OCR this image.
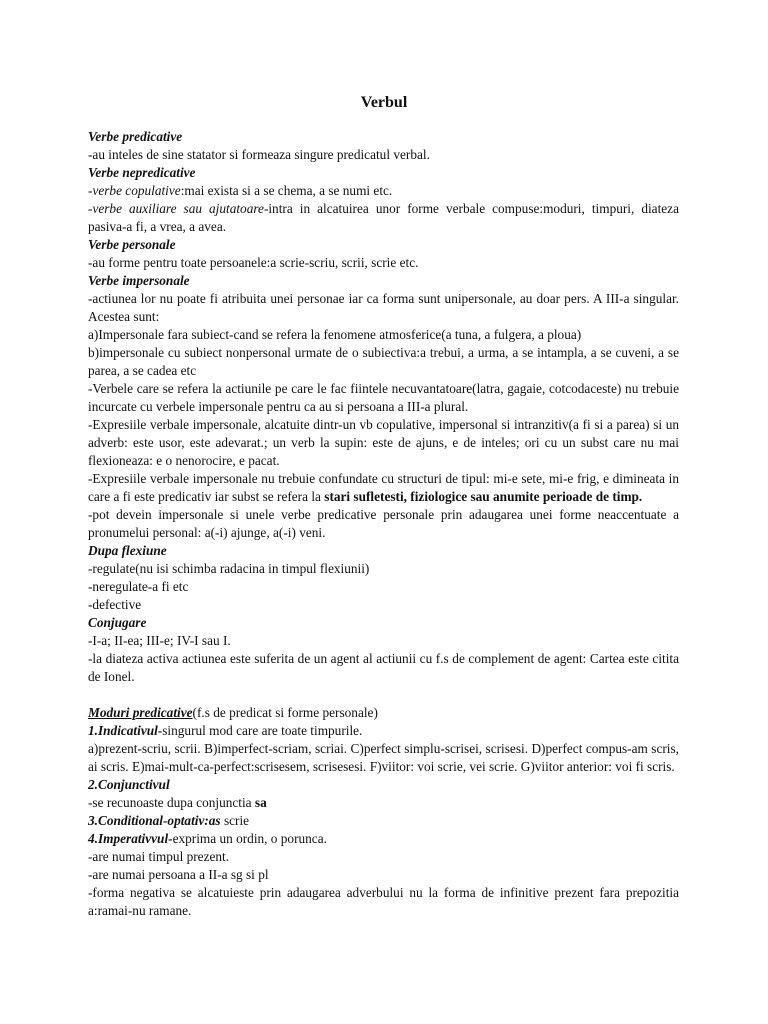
Verbul

Verbe predicative

-au inteles de sine statator si formeaza singure predicatul verbal.

Verbe nepredicative

-verbe copulative:mai exista si a se chema, a se numi etc.

-verbe auxiliare sau ajutatoare-intra in alcatuirea unor forme verbale compuse:moduri, timpuri, diateza pasiva-a fi, a vrea, a avea.

Verbe personale

-au forme pentru toate persoanele:a scrie-scriu, scrii, scrie etc.

Verbe impersonale

-actiunea lor nu poate fi atribuita unei personae iar ca forma sunt unipersonale, au doar pers. A III-a singular. Acestea sunt:

a)Impersonale fara subiect-cand se refera la fenomene atmosferice(a tuna, a fulgera, a ploua)

b)impersonale cu subiect nonpersonal urmate de o subiectiva:a trebui, a urma, a se intampla, a se cuveni, a se parea, a se cadea etc

-Verbele care se refera la actiunile pe care le fac fiintele necuvantatoare(latra, gagaie, cotcodaceste) nu trebuie incurcate cu verbele impersonale pentru ca au si persoana a III-a plural.

-Expresiile verbale impersonale, alcatuite dintr-un vb copulative, impersonal si intranzitiv(a fi si a parea) si un adverb: este usor, este adevarat.; un verb la supin: este de ajuns, e de inteles; ori cu un subst care nu mai flexioneaza: e o nenorocire, e pacat.

-Expresiile verbale impersonale nu trebuie confundate cu structuri de tipul: mi-e sete, mi-e frig, e dimineata in care a fi este predicativ iar subst se refera la stari sufletesti, fiziologice sau anumite perioade de timp.

-pot devein impersonale si unele verbe predicative personale prin adaugarea unei forme neaccentuate a pronumelui personal: a(-i) ajunge, a(-i) veni.

Dupa flexiune

-regulate(nu isi schimba radacina in timpul flexiunii)

-neregulate-a fi etc

-defective

Conjugare

-I-a; II-ea; III-e; IV-I sau I.

-la diateza activa actiunea este suferita de un agent al actiunii cu f.s de complement de agent: Cartea este citita de Ionel.

Moduri predicative(f.s de predicat si forme personale)

1.Indicativul-singurul mod care are toate timpurile.

a)prezent-scriu, scrii. B)imperfect-scriam, scriai. C)perfect simplu-scrisei, scrisesi. D)perfect compus-am scris, ai scris. E)mai-mult-ca-perfect:scrisesem, scrisesesi. F)viitor: voi scrie, vei scrie. G)viitor anterior: voi fi scris.

2.Conjunctivul

-se recunoaste dupa conjunctia sa

3.Conditional-optativ:as scrie

4.Imperativvul-exprima un ordin, o porunca.

-are numai timpul prezent.

-are numai persoana a II-a sg si pl

-forma negativa se alcatuieste prin adaugarea adverbului nu la forma de infinitive prezent fara prepozitia a:ramai-nu ramane.
